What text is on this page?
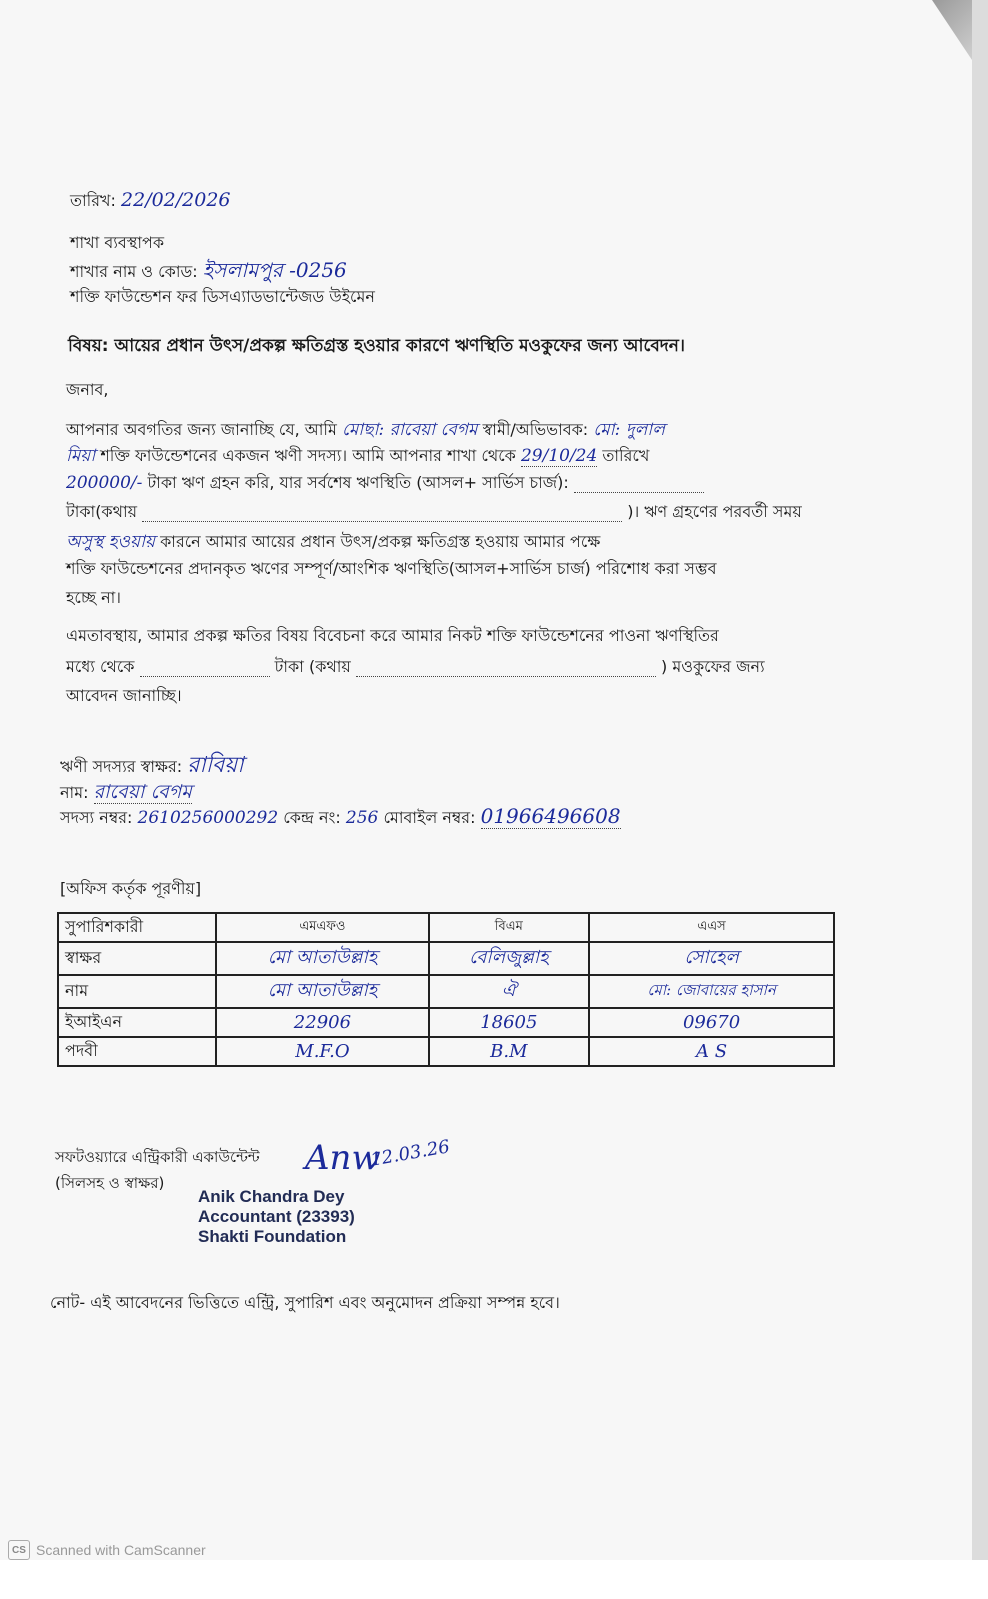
তারিখ: 22/02/2026
শাখা ব্যবস্থাপক
শাখার নাম ও কোড: ইসলামপুর -0256
শক্তি ফাউন্ডেশন ফর ডিসএ্যাডভান্টেজড উইমেন
বিষয়: আয়ের প্রধান উৎস/প্রকল্প ক্ষতিগ্রস্ত হওয়ার কারণে ঋণস্থিতি মওকুফের জন্য আবেদন।
জনাব,
আপনার অবগতির জন্য জানাচ্ছি যে, আমি মোছা: রাবেয়া বেগম স্বামী/অভিভাবক: মো: দুলাল
মিয়া শক্তি ফাউন্ডেশনের একজন ঋণী সদস্য। আমি আপনার শাখা থেকে 29/10/24 তারিখে
200000/- টাকা ঋণ গ্রহন করি, যার সর্বশেষ ঋণস্থিতি (আসল+ সার্ভিস চার্জ):
টাকা(কথায়	)। ঋণ গ্রহণের পরবর্তী সময়
অসুস্থ হওয়ায় কারনে আমার আয়ের প্রধান উৎস/প্রকল্প ক্ষতিগ্রস্ত হওয়ায় আমার পক্ষে
শক্তি ফাউন্ডেশনের প্রদানকৃত ঋণের সম্পূর্ণ/আংশিক ঋণস্থিতি(আসল+সার্ভিস চার্জ) পরিশোধ করা সম্ভব
হচ্ছে না।
এমতাবস্থায়, আমার প্রকল্প ক্ষতির বিষয় বিবেচনা করে আমার নিকট শক্তি ফাউন্ডেশনের পাওনা ঋণস্থিতির
মধ্যে থেকে	টাকা (কথায়	) মওকুফের জন্য
আবেদন জানাচ্ছি।
ঋণী সদস্যর স্বাক্ষর: রাবিয়া
নাম: রাবেয়া বেগম
সদস্য নম্বর: 2610256000292 কেন্দ্র নং: 256 মোবাইল নম্বর: 01966496608
[অফিস কর্তৃক পূরণীয়]
সুপারিশকারী	এমএফও	বিএম	এএস
স্বাক্ষর	মো আতাউল্লাহ	বেলিজুল্লাহ	সোহেল
নাম	মো আতাউল্লাহ	ঐ	মো: জোবায়ের হাসান
ইআইএন	22906	18605	09670
পদবী	M.F.O	B.M	A S
সফটওয়্যারে এন্ট্রিকারী একাউন্টেন্ট
(সিলসহ ও স্বাক্ষর)
Anw
12.03.26
Anik Chandra Dey
Accountant (23393)
Shakti Foundation
নোট- এই আবেদনের ভিত্তিতে এন্ট্রি, সুপারিশ এবং অনুমোদন প্রক্রিয়া সম্পন্ন হবে।
CS Scanned with CamScanner
